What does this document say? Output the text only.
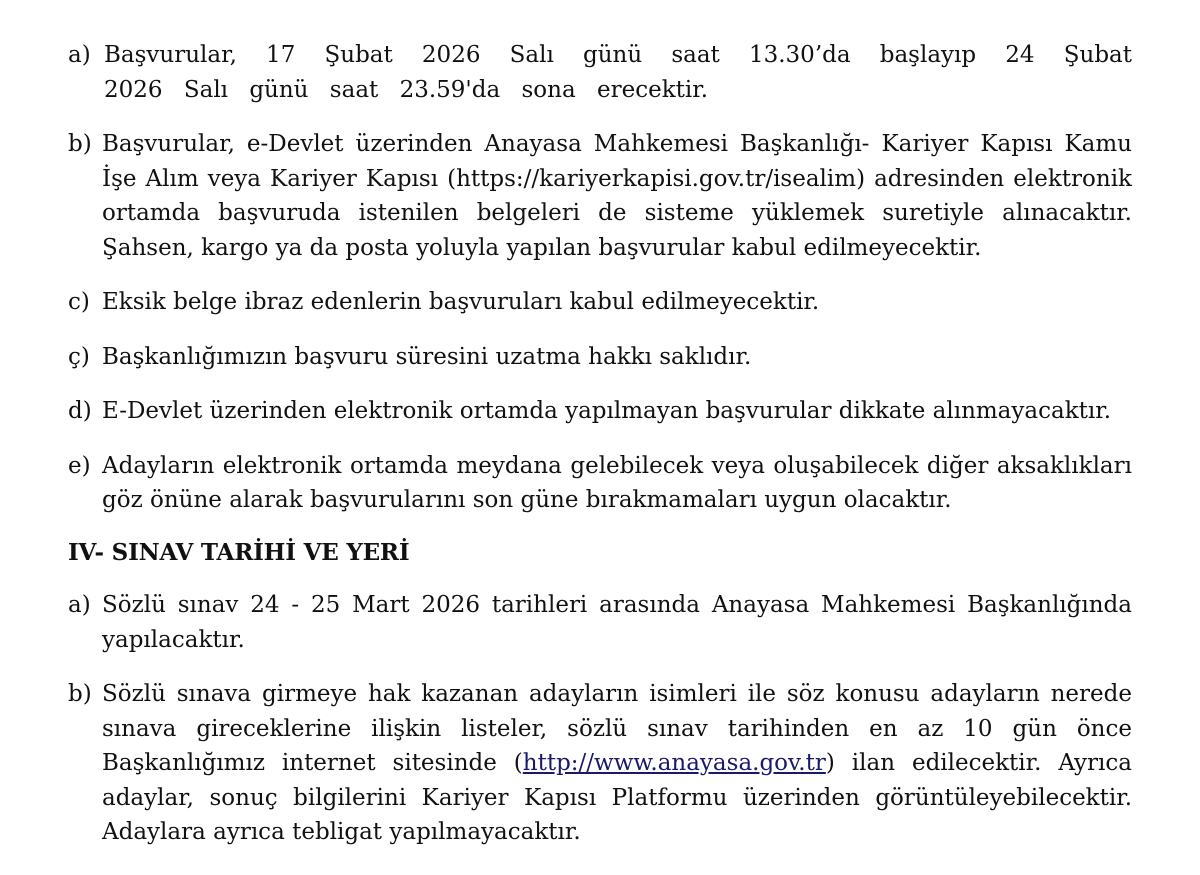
a) Başvurular, 17 Şubat 2026 Salı günü saat 13.30’da başlayıp 24 Şubat 2026 Salı günü saat 23.59'da sona erecektir.
b) Başvurular, e-Devlet üzerinden Anayasa Mahkemesi Başkanlığı- Kariyer Kapısı Kamu İşe Alım veya Kariyer Kapısı (https://kariyerkapisi.gov.tr/isealim) adresinden elektronik ortamda başvuruda istenilen belgeleri de sisteme yüklemek suretiyle alınacaktır. Şahsen, kargo ya da posta yoluyla yapılan başvurular kabul edilmeyecektir.
c) Eksik belge ibraz edenlerin başvuruları kabul edilmeyecektir.
ç) Başkanlığımızın başvuru süresini uzatma hakkı saklıdır.
d) E-Devlet üzerinden elektronik ortamda yapılmayan başvurular dikkate alınmayacaktır.
e) Adayların elektronik ortamda meydana gelebilecek veya oluşabilecek diğer aksaklıkları göz önüne alarak başvurularını son güne bırakmamaları uygun olacaktır.
IV- SINAV TARİHİ VE YERİ
a) Sözlü sınav 24 - 25 Mart 2026 tarihleri arasında Anayasa Mahkemesi Başkanlığında yapılacaktır.
b) Sözlü sınava girmeye hak kazanan adayların isimleri ile söz konusu adayların nerede sınava gireceklerine ilişkin listeler, sözlü sınav tarihinden en az 10 gün önce Başkanlığımız internet sitesinde (http://www.anayasa.gov.tr) ilan edilecektir. Ayrıca adaylar, sonuç bilgilerini Kariyer Kapısı Platformu üzerinden görüntüleyebilecektir. Adaylara ayrıca tebligat yapılmayacaktır.
